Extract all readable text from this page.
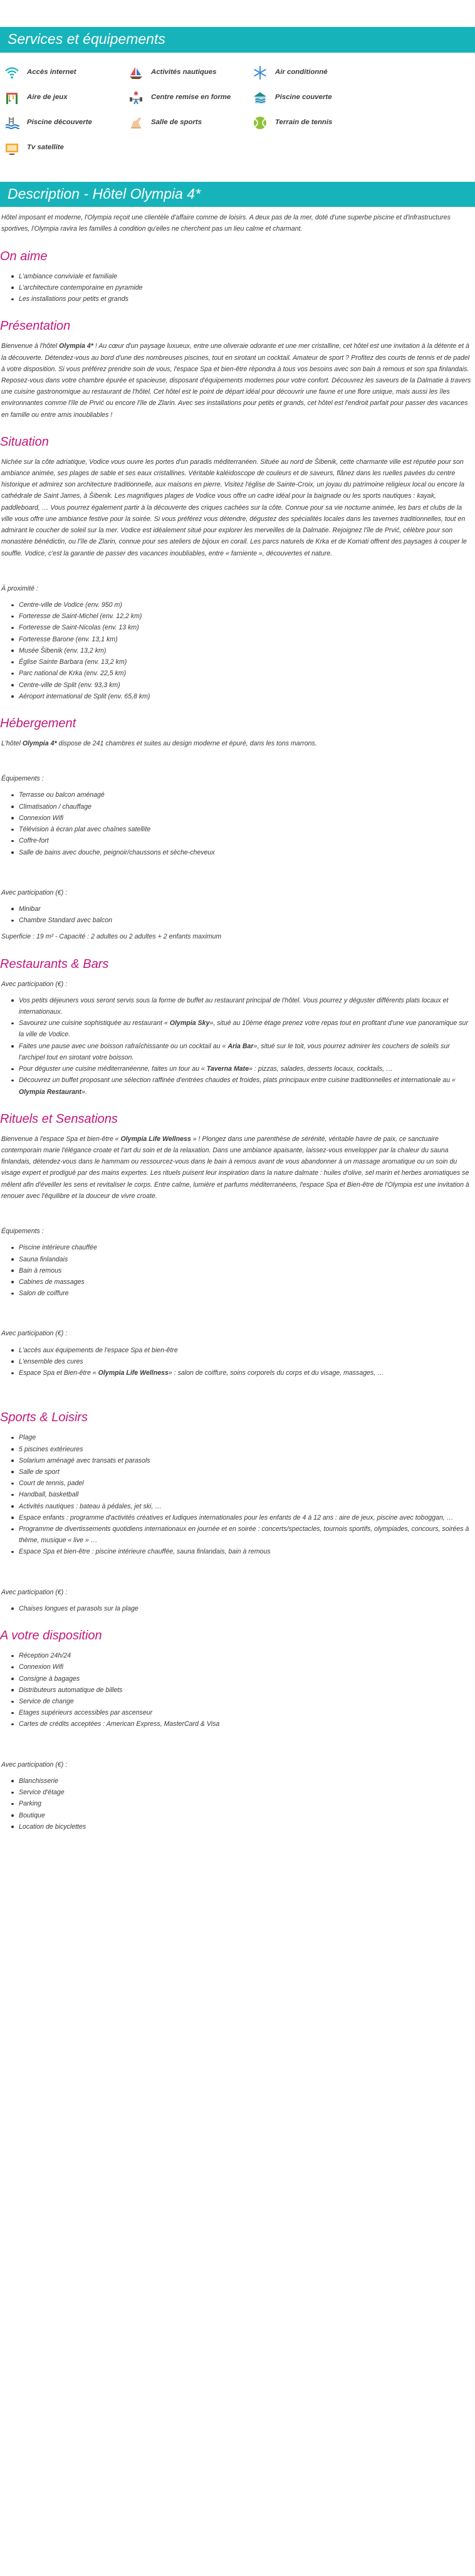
Services et équipements
Accès internet	Activités nautiques	Air conditionné
Aire de jeux	Centre remise en forme	Piscine couverte
Piscine découverte	Salle de sports	Terrain de tennis
Tv satellite
Description - Hôtel Olympia 4*

Hôtel imposant et moderne, l'Olympia reçoit une clientèle d'affaire comme de loisirs. A deux pas de la mer, doté d'une superbe piscine et d'infrastructures sportives, l'Olympia ravira les familles à condition qu'elles ne cherchent pas un lieu calme et charmant.

On aime
L'ambiance conviviale et familiale
L'architecture contemporaine en pyramide
Les installations pour petits et grands
Présentation

Bienvenue à l'hôtel Olympia 4* ! Au cœur d'un paysage luxueux, entre une oliveraie odorante et une mer cristalline, cet hôtel est une invitation à la détente et à la découverte. Détendez-vous au bord d'une des nombreuses piscines, tout en sirotant un cocktail. Amateur de sport ? Profitez des courts de tennis et de padel à votre disposition. Si vous préférez prendre soin de vous, l'espace Spa et bien-être répondra à tous vos besoins avec son bain à remous et son spa finlandais. Reposez-vous dans votre chambre épurée et spacieuse, disposant d'équipements modernes pour votre confort. Découvrez les saveurs de la Dalmatie à travers une cuisine gastronomique au restaurant de l'hôtel. Cet hôtel est le point de départ idéal pour découvrir une faune et une flore unique, mais aussi les îles environnantes comme l'île de Prvić ou encore l'île de Zlarin. Avec ses installations pour petits et grands, cet hôtel est l'endroit parfait pour passer des vacances en famille ou entre amis inoubliables !

Situation

Nichée sur la côte adriatique, Vodice vous ouvre les portes d'un paradis méditerranéen. Située au nord de Šibenik, cette charmante ville est réputée pour son ambiance animée, ses plages de sable et ses eaux cristallines. Véritable kaléidoscope de couleurs et de saveurs, flânez dans les ruelles pavées du centre historique et admirez son architecture traditionnelle, aux maisons en pierre. Visitez l'église de Sainte-Croix, un joyau du patrimoine religieux local ou encore la cathédrale de Saint James, à Šibenik. Les magnifiques plages de Vodice vous offre un cadre idéal pour la baignade ou les sports nautiques : kayak, paddleboard, … Vous pourrez également partir à la découverte des criques cachées sur la côte. Connue pour sa vie nocturne animée, les bars et clubs de la ville vous offre une ambiance festive pour la soirée. Si vous préférez vous détendre, dégustez des spécialités locales dans les tavernes traditionnelles, tout en admirant le coucher de soleil sur la mer. Vodice est idéalement situé pour explorer les merveilles de la Dalmatie. Rejoignez l'île de Prvić, célèbre pour son monastère bénédictin, ou l'île de Zlarin, connue pour ses ateliers de bijoux en corail. Les parcs naturels de Krka et de Kornati offrent des paysages à couper le souffle. Vodice, c'est la garantie de passer des vacances inoubliables, entre « farniente », découvertes et nature.

À proximité :

Centre-ville de Vodice (env. 950 m)
Forteresse de Saint-Michel (env. 12,2 km)
Forteresse de Saint-Nicolas (env. 13 km)
Forteresse Barone (env. 13,1 km)
Musée Šibenik (env. 13,2 km)
Église Sainte Barbara (env. 13,2 km)
Parc national de Krka (env. 22,5 km)
Centre-ville de Split (env. 93,3 km)
Aéroport international de Split (env. 65,8 km)
Hébergement

L'hôtel Olympia 4* dispose de 241 chambres et suites au design moderne et épuré, dans les tons marrons.

Équipements :

Terrasse ou balcon aménagé
Climatisation / chauffage
Connexion Wifi
Télévision à écran plat avec chaînes satellite
Coffre-fort
Salle de bains avec douche, peignoir/chaussons et sèche-cheveux

Avec participation (€) :

Minibar
Chambre Standard avec balcon

Superficie : 19 m² - Capacité : 2 adultes ou 2 adultes + 2 enfants maximum

Restaurants & Bars

Avec participation (€) :

Vos petits déjeuners vous seront servis sous la forme de buffet au restaurant principal de l'hôtel. Vous pourrez y déguster différents plats locaux et internationaux.
Savourez une cuisine sophistiquée au restaurant « Olympia Sky», situé au 10ème étage prenez votre repas tout en profitant d'une vue panoramique sur la ville de Vodice.
Faites une pause avec une boisson rafraîchissante ou un cocktail au « Aria Bar», situé sur le toit, vous pourrez admirer les couchers de soleils sur l'archipel tout en sirotant votre boisson.
Pour déguster une cuisine méditerranéenne, faites un tour au « Taverna Mate» : pizzas, salades, desserts locaux, cocktails, …
Découvrez un buffet proposant une sélection raffinée d'entrées chaudes et froides, plats principaux entre cuisine traditionnelles et internationale au « Olympia Restaurant».
Rituels et Sensations

Bienvenue à l'espace Spa et bien-être « Olympia Life Wellness » ! Plongez dans une parenthèse de sérénité, véritable havre de paix, ce sanctuaire contemporain marie l'élégance croate et l'art du soin et de la relaxation. Dans une ambiance apaisante, laissez-vous envelopper par la chaleur du sauna finlandais, détendez-vous dans le hammam ou ressourcez-vous dans le bain à remous avant de vous abandonner à un massage aromatique ou un soin du visage expert et prodigué par des mains expertes. Les rituels puisent leur inspiration dans la nature dalmate : huiles d'olive, sel marin et herbes aromatiques se mêlent afin d'éveiller les sens et revitaliser le corps. Entre calme, lumière et parfums méditerranéens, l'espace Spa et Bien-être de l'Olympia est une invitation à renouer avec l'équilibre et la douceur de vivre croate.

Équipements :

Piscine intérieure chauffée
Sauna finlandais
Bain à remous
Cabines de massages
Salon de coiffure

Avec participation (€) :

L'accès aux équipements de l'espace Spa et bien-être
L'ensemble des cures
Espace Spa et Bien-être « Olympia Life Wellness» : salon de coiffure, soins corporels du corps et du visage, massages, …
Sports & Loisirs
Plage
5 piscines extérieures
Solarium aménagé avec transats et parasols
Salle de sport
Court de tennis, padel
Handball, basketball
Activités nautiques : bateau à pédales, jet ski, …
Espace enfants : programme d'activités créatives et ludiques internationales pour les enfants de 4 à 12 ans : aire de jeux, piscine avec toboggan, …
Programme de divertissements quotidiens internationaux en journée et en soirée : concerts/spectacles, tournois sportifs, olympiades, concours, soirées à thème, musique « live » …
Espace Spa et bien-être : piscine intérieure chauffée, sauna finlandais, bain à remous

Avec participation (€) :

Chaises longues et parasols sur la plage
A votre disposition
Réception 24h/24
Connexion Wifi
Consigne à bagages
Distributeurs automatique de billets
Service de change
Etages supérieurs accessibles par ascenseur
Cartes de crédits acceptées : American Express, MasterCard & Visa

Avec participation (€) :

Blanchisserie
Service d'étage
Parking
Boutique
Location de bicyclettes
